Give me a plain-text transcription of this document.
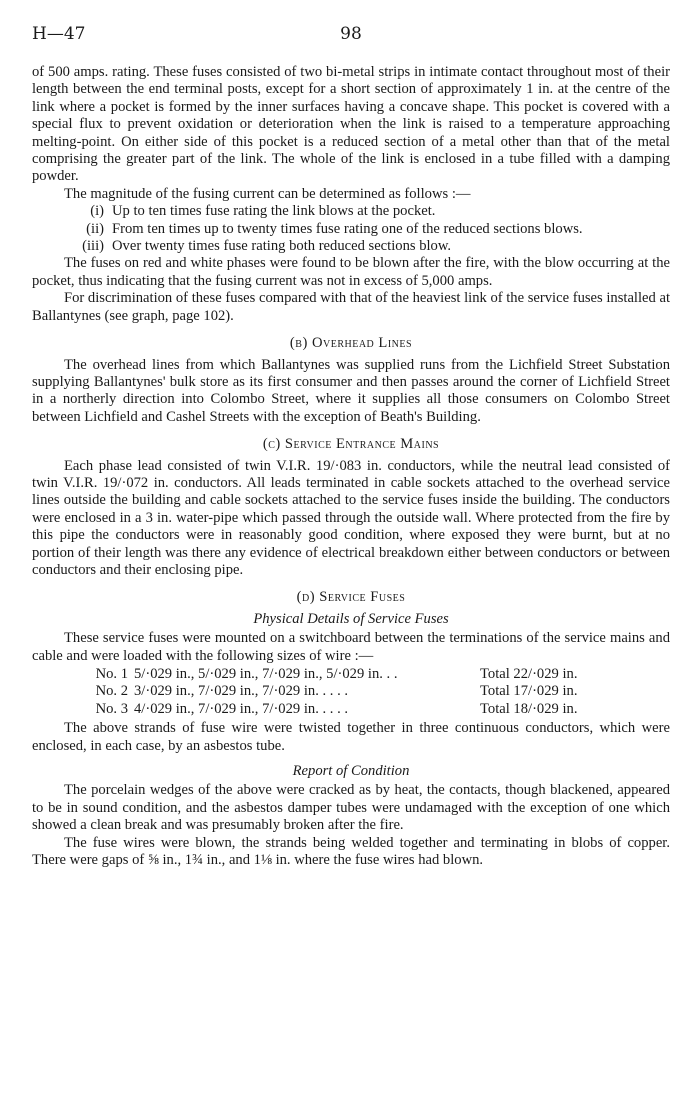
H—47	98

of 500 amps. rating. These fuses consisted of two bi-metal strips in intimate contact throughout most of their length between the end terminal posts, except for a short section of approximately 1 in. at the centre of the link where a pocket is formed by the inner surfaces having a concave shape. This pocket is covered with a special flux to prevent oxidation or deterioration when the link is raised to a temperature approaching melting-point. On either side of this pocket is a reduced section of a metal other than that of the metal comprising the greater part of the link. The whole of the link is enclosed in a tube filled with a damping powder.

The magnitude of the fusing current can be determined as follows :—

(i) Up to ten times fuse rating the link blows at the pocket.
(ii) From ten times up to twenty times fuse rating one of the reduced sections blows.
(iii) Over twenty times fuse rating both reduced sections blow.

The fuses on red and white phases were found to be blown after the fire, with the blow occurring at the pocket, thus indicating that the fusing current was not in excess of 5,000 amps.

For discrimination of these fuses compared with that of the heaviest link of the service fuses installed at Ballantynes (see graph, page 102).

(b) Overhead Lines

The overhead lines from which Ballantynes was supplied runs from the Lichfield Street Substation supplying Ballantynes' bulk store as its first consumer and then passes around the corner of Lichfield Street in a northerly direction into Colombo Street, where it supplies all those consumers on Colombo Street between Lichfield and Cashel Streets with the exception of Beath's Building.

(c) Service Entrance Mains

Each phase lead consisted of twin V.I.R. 19/·083 in. conductors, while the neutral lead consisted of twin V.I.R. 19/·072 in. conductors. All leads terminated in cable sockets attached to the overhead service lines outside the building and cable sockets attached to the service fuses inside the building. The conductors were enclosed in a 3 in. water-pipe which passed through the outside wall. Where protected from the fire by this pipe the conductors were in reasonably good condition, where exposed they were burnt, but at no portion of their length was there any evidence of electrical breakdown either between conductors or between conductors and their enclosing pipe.

(d) Service Fuses
Physical Details of Service Fuses

These service fuses were mounted on a switchboard between the terminations of the service mains and cable and were loaded with the following sizes of wire :—

No. 1 5/·029 in., 5/·029 in., 7/·029 in., 5/·029 in. . .	Total 22/·029 in.
No. 2 3/·029 in., 7/·029 in., 7/·029 in. . . . .	Total 17/·029 in.
No. 3 4/·029 in., 7/·029 in., 7/·029 in. . . . .	Total 18/·029 in.

The above strands of fuse wire were twisted together in three continuous conductors, which were enclosed, in each case, by an asbestos tube.

Report of Condition

The porcelain wedges of the above were cracked as by heat, the contacts, though blackened, appeared to be in sound condition, and the asbestos damper tubes were undamaged with the exception of one which showed a clean break and was presumably broken after the fire.

The fuse wires were blown, the strands being welded together and terminating in blobs of copper. There were gaps of ⅝ in., 1¾ in., and 1⅛ in. where the fuse wires had blown.
